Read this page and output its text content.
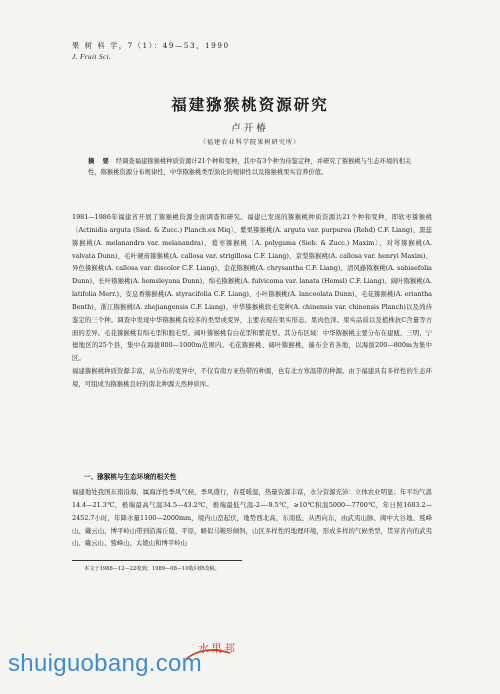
果 树 科 学，7（1）：49—53，1990
J. Fruit Sci.
福建猕猴桃资源研究
卢开椿
（福建农业科学院果树研究所）
摘 要 经调查福建猕猴桃种质资源计21个种和变种，其中有3个种为待鉴定种，并研究了猕猴桃与生态环境的相关性，猕猴桃资源分布规律性，中华猕猴桃类型演化的规律性以及猕猴桃果实营养价值。
1981—1986年福建省开展了猕猴桃资源全面调查和研究。福建已发现的猕猴桃种质资源共21个种和变种，即软枣猕猴桃〔Actinidia arguta (Sied. & Zucc.) Planch.ex Miq〕、紫果猕猴桃(A. arguta var. purpurea (Rehd) C.F. Liang)、黑蕊猕猴桃(A. melanandra var. melanandra)、葛枣猕猴桃〔A. polygama (Sieb. & Zucc.) Maxim〕、对萼猕猴桃(A. valvata Dunn)、毛叶硬齿猕猴桃(A. callosa var. strigillosa C.F. Liang)、京梨猕猴桃(A. callosa var. henryi Maxim)、异色猕猴桃(A. callosa var. discolor C.F. Liang)、金花猕猴桃(A. chrysantha C.F. Liang)、清风藤猕猴桃(A. sabiaefolia Dunn)、长叶猕猴桃(A. hemsleyana Dunn)、绵毛猕猴桃(A. fulvicoma var. lanata (Hemsl) C.F. Liang)、阔叶猕猴桃(A. latifolia Merr.)、安息香猕猴桃(A. styracifolia C.F. Liang)、小叶猕猴桃(A. lanceolata Dunn)、毛花猕猴桃(A. eriantha Benth)、浙江猕猴桃(A. zhejiangensis C.F. Liang)、中华猕猴桃软毛变种(A. chinensis var. chinensis Planch)以及尚待鉴定的三个种。调查中发现中华猕猴桃有较多的类型或变异，主要表现在果实形态、果肉色泽、果实品质以及植株抗C含量等方面的差异。毛花猕猴桃有绵毛型和脱毛型。阔叶猕猴桃有白花型和紫花型。其分布区域：中华猕猴桃主要分布在建瓯、三明、宁德地区的25个县，集中在海拔800—1000m范围内。毛花猕猴桃、阔叶猕猴桃，遍布全省各地，以海拔200—800m为集中区。
福建猕猴桃种质资源丰富，从分布的变异中，不仅有南方亚热带的种源，也有北方寒温带的种源。由于福建具有多样性的生态环境，可组成为猕猴桃良好的南北种源天然种质库。
一、猕猴桃与生态环境的相关性
福建地处我国东南沿海，属海洋性季风气候，季风盛行，春夏暖湿，热量资源丰富，水分资源充沛：立体农业明显；年平均气温14.4—21.3℃，极端最高气温34.5—43.2℃，极端最低气温-2—-9.5℃，≥10℃积温5000—7700℃，年日照1683.2—2452.7小时，年降水量1100—2000mm，境内山峦起伏，地势西北高，东南低，从西向东，由武夷山脉、闽中大谷地、鹫峰山、戴云山、博平岭山带到沿海丘陵、平原，略似马鞍形倾斜，山区多样性的地理环境，形成多样的气候类型，贯穿省内的武夷山、戴云山、鹫峰山、太姥山和博平岭山
本文于1988—12—22收到；1989—08—10收回修改稿。
水果邦
shuiguobang.com
